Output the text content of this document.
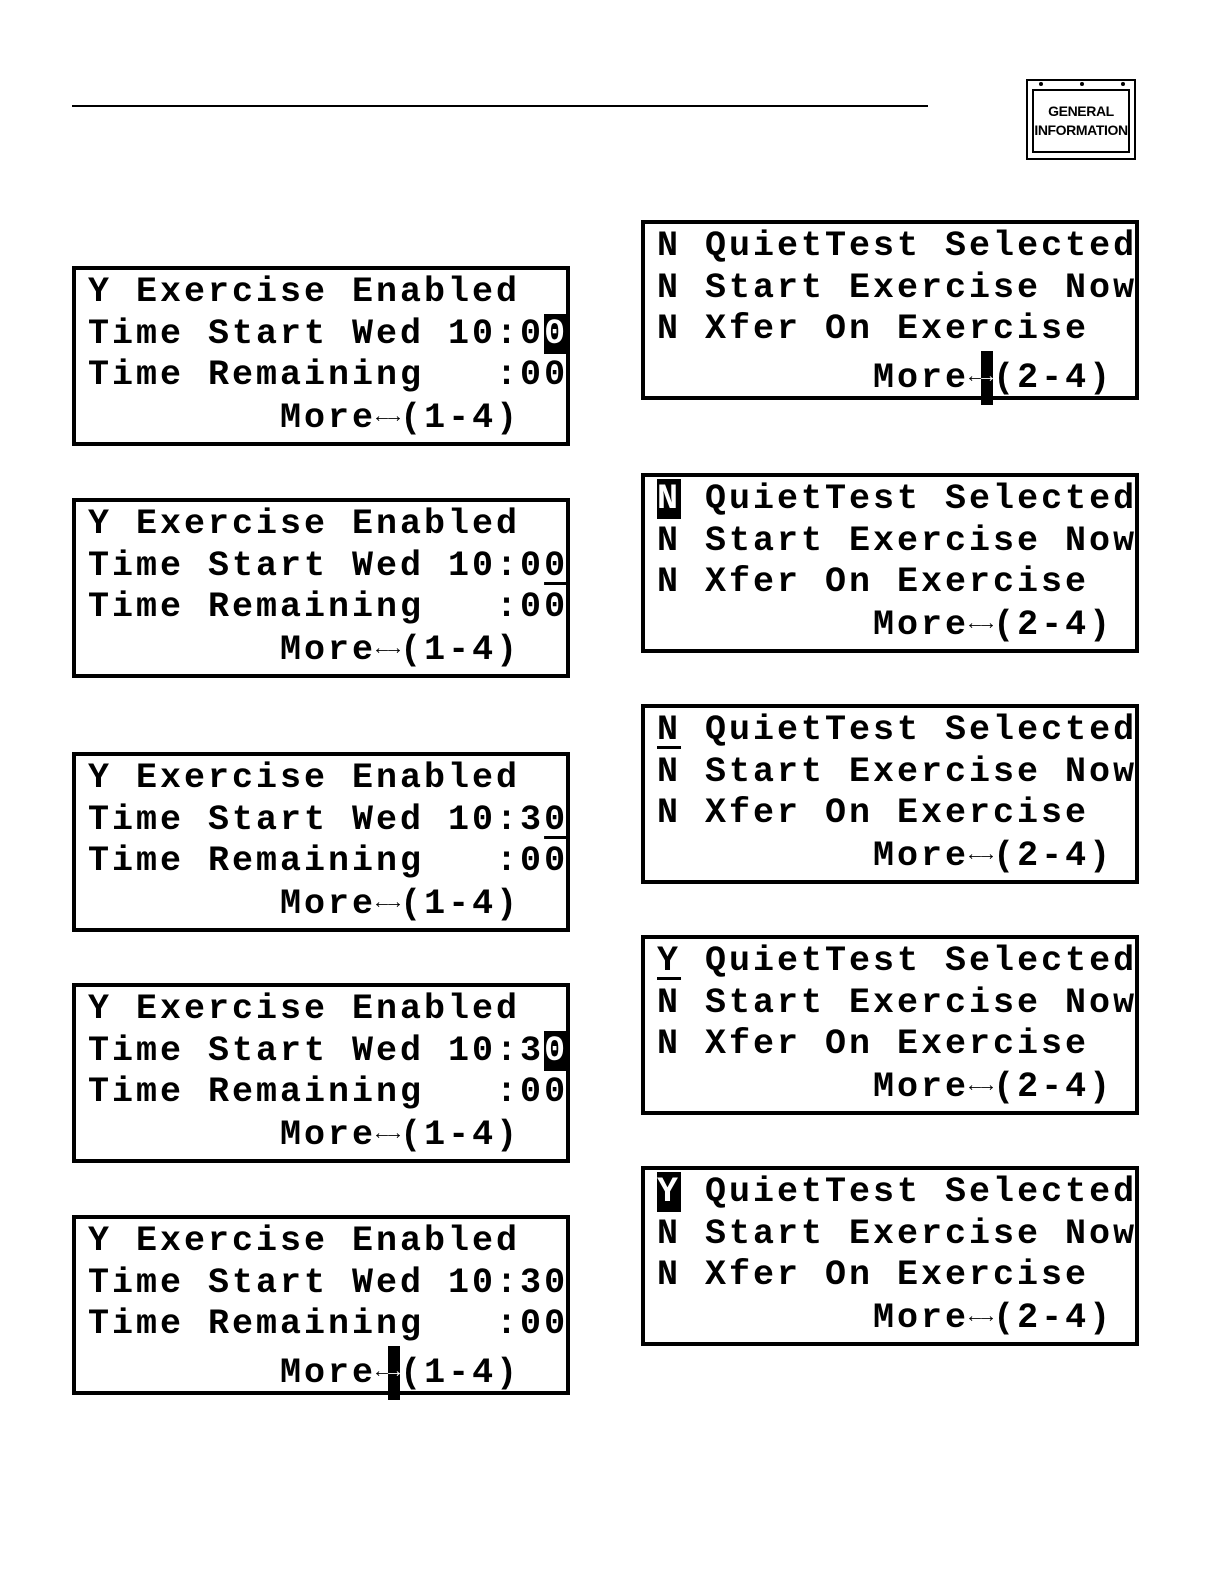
GENERAL
INFORMATION
Y Exercise Enabled
Time Start Wed 10:00
Time Remaining   :00
More←→(1-4)
Y Exercise Enabled
Time Start Wed 10:00
Time Remaining   :00
More←→(1-4)
Y Exercise Enabled
Time Start Wed 10:30
Time Remaining   :00
More←→(1-4)
Y Exercise Enabled
Time Start Wed 10:30
Time Remaining   :00
More←→(1-4)
Y Exercise Enabled
Time Start Wed 10:30
Time Remaining   :00
More←→(1-4)
N QuietTest Selected
N Start Exercise Now
N Xfer On Exercise
More←→(2-4)
N QuietTest Selected
N Start Exercise Now
N Xfer On Exercise
More←→(2-4)
N QuietTest Selected
N Start Exercise Now
N Xfer On Exercise
More←→(2-4)
Y QuietTest Selected
N Start Exercise Now
N Xfer On Exercise
More←→(2-4)
Y QuietTest Selected
N Start Exercise Now
N Xfer On Exercise
More←→(2-4)
